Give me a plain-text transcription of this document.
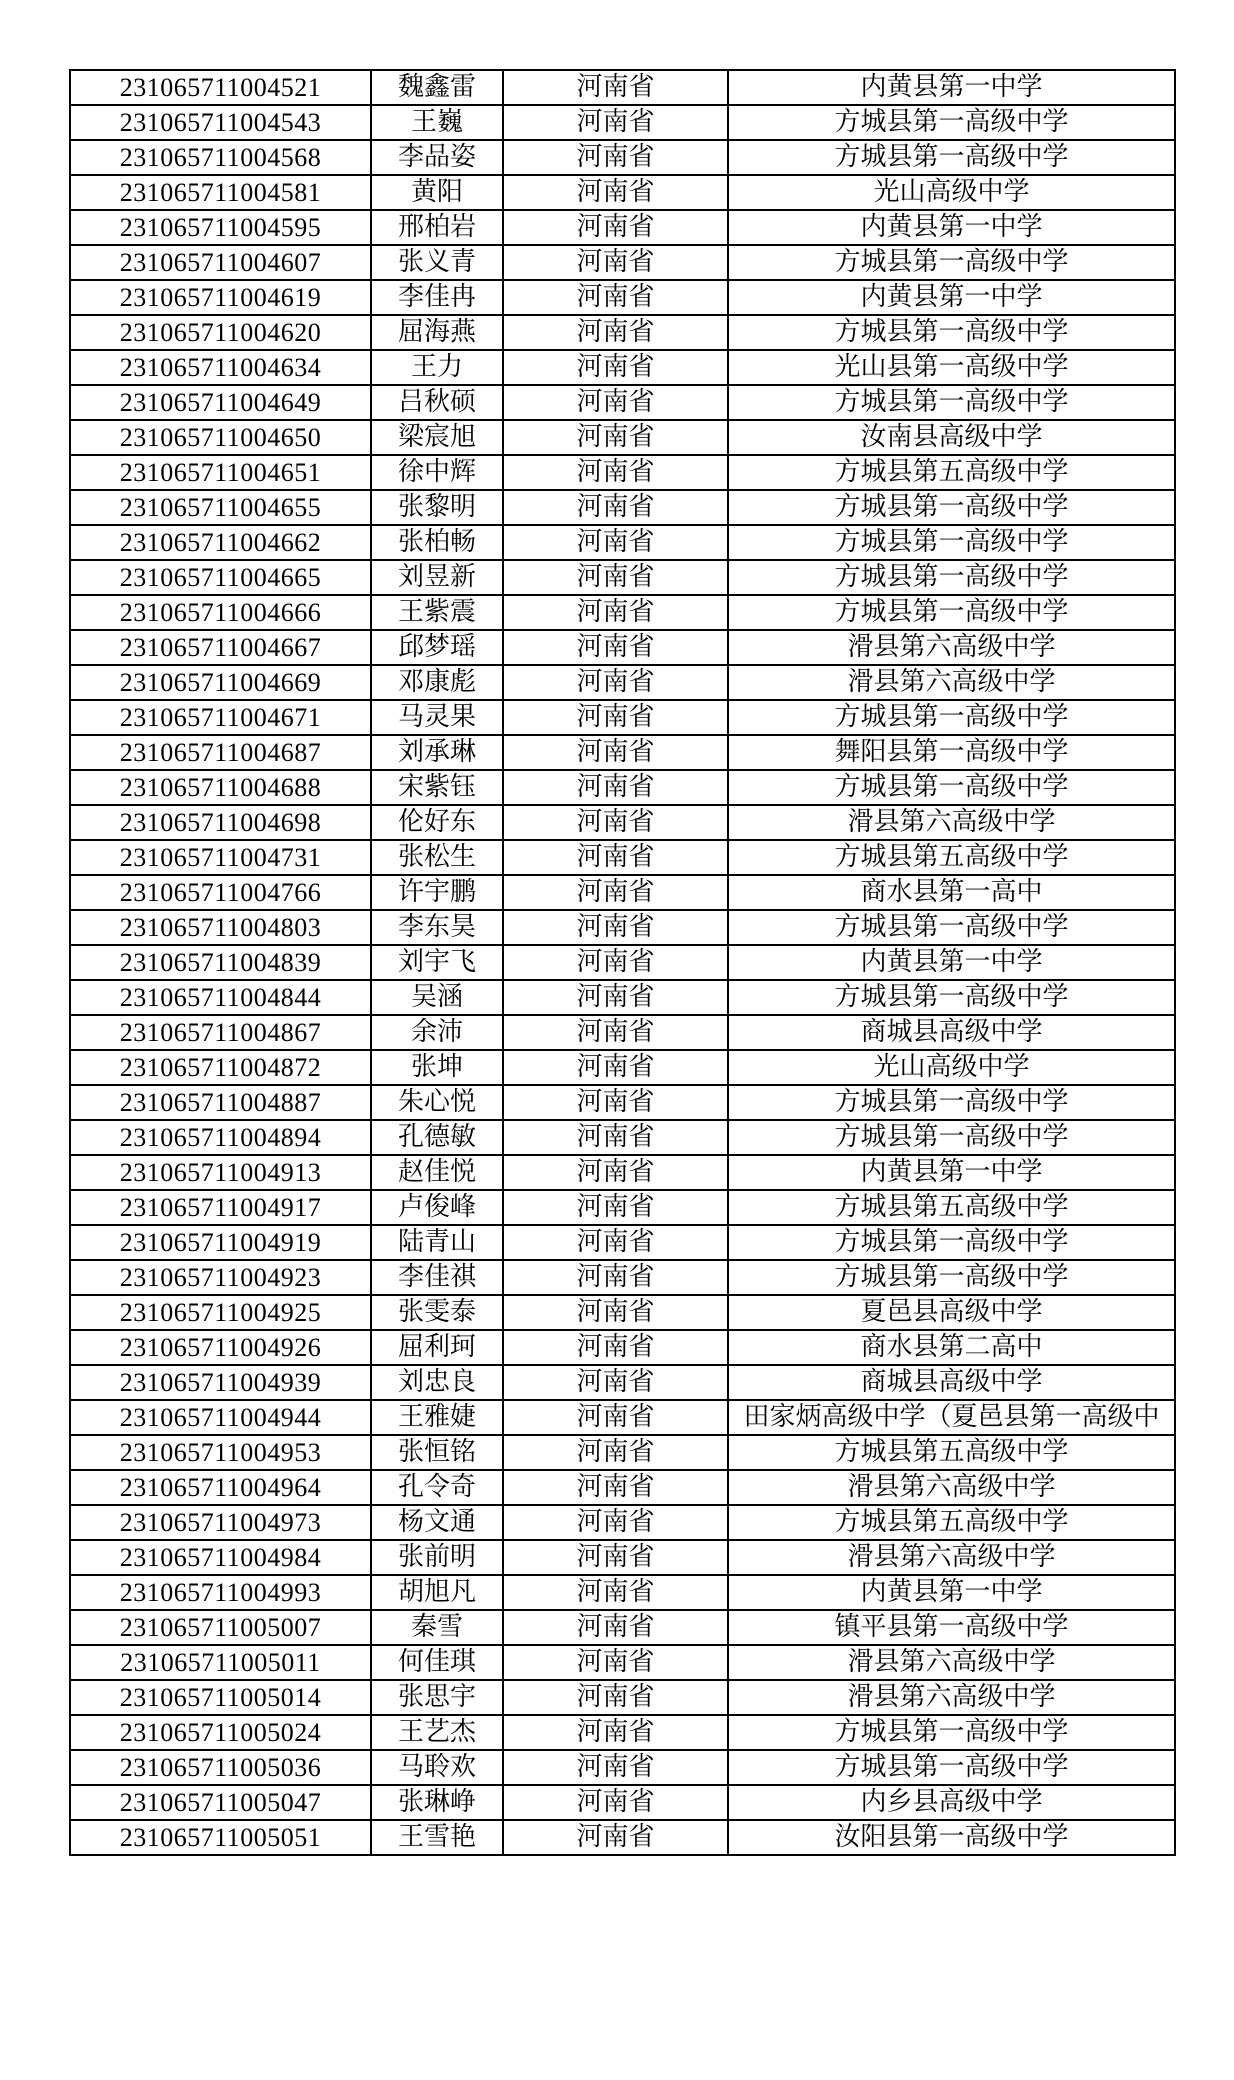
231065711004521	魏鑫雷	河南省	内黄县第一中学
231065711004543	王巍	河南省	方城县第一高级中学
231065711004568	李品姿	河南省	方城县第一高级中学
231065711004581	黄阳	河南省	光山高级中学
231065711004595	邢柏岩	河南省	内黄县第一中学
231065711004607	张义青	河南省	方城县第一高级中学
231065711004619	李佳冉	河南省	内黄县第一中学
231065711004620	屈海燕	河南省	方城县第一高级中学
231065711004634	王力	河南省	光山县第一高级中学
231065711004649	吕秋硕	河南省	方城县第一高级中学
231065711004650	梁宸旭	河南省	汝南县高级中学
231065711004651	徐中辉	河南省	方城县第五高级中学
231065711004655	张黎明	河南省	方城县第一高级中学
231065711004662	张柏畅	河南省	方城县第一高级中学
231065711004665	刘昱新	河南省	方城县第一高级中学
231065711004666	王紫震	河南省	方城县第一高级中学
231065711004667	邱梦瑶	河南省	滑县第六高级中学
231065711004669	邓康彪	河南省	滑县第六高级中学
231065711004671	马灵果	河南省	方城县第一高级中学
231065711004687	刘承琳	河南省	舞阳县第一高级中学
231065711004688	宋紫钰	河南省	方城县第一高级中学
231065711004698	伦好东	河南省	滑县第六高级中学
231065711004731	张松生	河南省	方城县第五高级中学
231065711004766	许宇鹏	河南省	商水县第一高中
231065711004803	李东昊	河南省	方城县第一高级中学
231065711004839	刘宇飞	河南省	内黄县第一中学
231065711004844	吴涵	河南省	方城县第一高级中学
231065711004867	余沛	河南省	商城县高级中学
231065711004872	张坤	河南省	光山高级中学
231065711004887	朱心悦	河南省	方城县第一高级中学
231065711004894	孔德敏	河南省	方城县第一高级中学
231065711004913	赵佳悦	河南省	内黄县第一中学
231065711004917	卢俊峰	河南省	方城县第五高级中学
231065711004919	陆青山	河南省	方城县第一高级中学
231065711004923	李佳祺	河南省	方城县第一高级中学
231065711004925	张雯泰	河南省	夏邑县高级中学
231065711004926	屈利珂	河南省	商水县第二高中
231065711004939	刘忠良	河南省	商城县高级中学
231065711004944	王雅婕	河南省	田家炳高级中学（夏邑县第一高级中
231065711004953	张恒铭	河南省	方城县第五高级中学
231065711004964	孔令奇	河南省	滑县第六高级中学
231065711004973	杨文通	河南省	方城县第五高级中学
231065711004984	张前明	河南省	滑县第六高级中学
231065711004993	胡旭凡	河南省	内黄县第一中学
231065711005007	秦雪	河南省	镇平县第一高级中学
231065711005011	何佳琪	河南省	滑县第六高级中学
231065711005014	张思宇	河南省	滑县第六高级中学
231065711005024	王艺杰	河南省	方城县第一高级中学
231065711005036	马聆欢	河南省	方城县第一高级中学
231065711005047	张琳峥	河南省	内乡县高级中学
231065711005051	王雪艳	河南省	汝阳县第一高级中学
